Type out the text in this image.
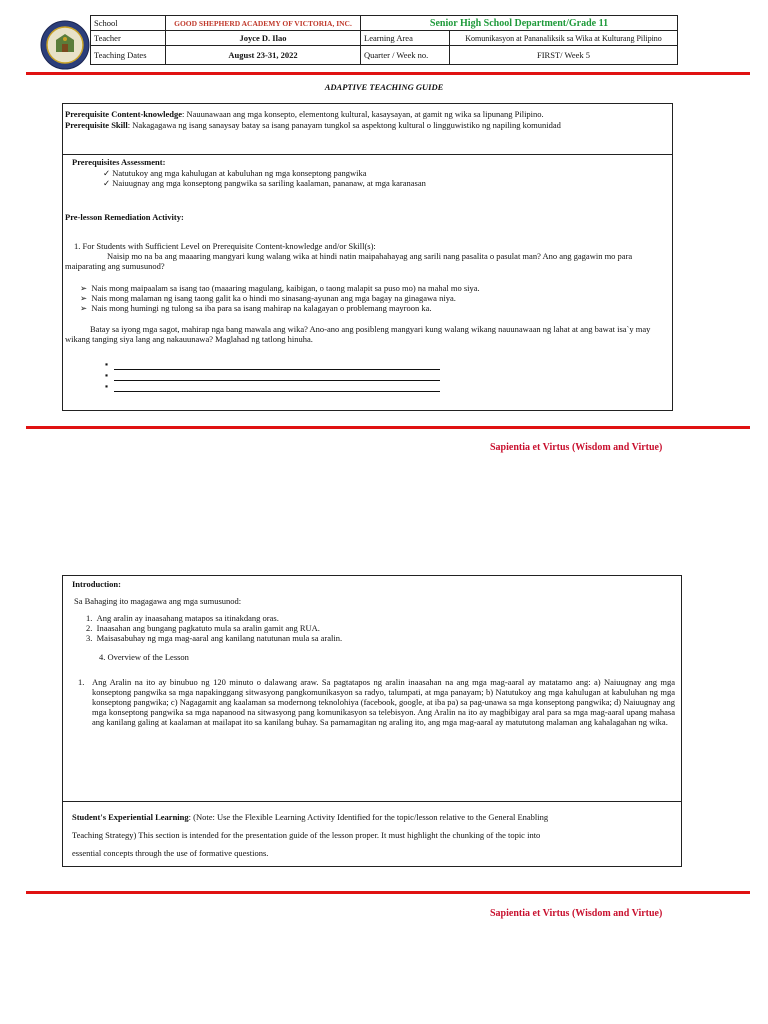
School	GOOD SHEPHERD ACADEMY OF VICTORIA, INC.	Senior High School Department/Grade 11	
Teacher	Joyce D. Ilao	Learning Area	Komunikasyon at Pananaliksik sa Wika at Kulturang Pilipino
Teaching Dates	August 23-31, 2022	Quarter / Week no.	FIRST/ Week 5
ADAPTIVE TEACHING GUIDE
Prerequisite Content-knowledge: Nauunawaan ang mga konsepto, elementong kultural, kasaysayan, at gamit ng wika sa lipunang Pilipino.
Prerequisite Skill: Nakagagawa ng isang sanaysay batay sa isang panayam tungkol sa aspektong kultural o lingguwistiko ng napiling komunidad
Prerequisites Assessment:
✓ Natutukoy ang mga kahulugan at kabuluhan ng mga konseptong pangwika
✓ Naiuugnay ang mga konseptong pangwika sa sariling kaalaman, pananaw, at mga karanasan
Pre-lesson Remediation Activity:
1. For Students with Sufficient Level on Prerequisite Content-knowledge and/or Skill(s):
Naisip mo na ba ang maaaring mangyari kung walang wika at hindi natin maipahahayag ang sarili nang pasalita o pasulat man? Ano ang gagawin mo para maiparating ang sumusunod?
➢ Nais mong maipaalam sa isang tao (maaaring magulang, kaibigan, o taong malapit sa puso mo) na mahal mo siya.
➢ Nais mong malaman ng isang taong galit ka o hindi mo sinasang-ayunan ang mga bagay na ginagawa niya.
➢ Nais mong humingi ng tulong sa iba para sa isang mahirap na kalagayan o problemang mayroon ka.
Batay sa iyong mga sagot, mahirap nga bang mawala ang wika? Ano-ano ang posibleng mangyari kung walang wikang nauunawaan ng lahat at ang bawat isa`y may wikang tanging siya lang ang nakauunawa? Maglahad ng tatlong hinuha.
▪
▪
▪
Sapientia et Virtus (Wisdom and Virtue)
Introduction:
Sa Bahaging ito magagawa ang mga sumusunod:
1. Ang aralin ay inaasahang matapos sa itinakdang oras.
2. Inaasahan ang bungang pagkatuto mula sa aralin gamit ang RUA.
3. Maisasabuhay ng mga mag-aaral ang kanilang natutunan mula sa aralin.
4. Overview of the Lesson
1. Ang Aralin na ito ay binubuo ng 120 minuto o dalawang araw. Sa pagtatapos ng aralin inaasahan na ang mga mag-aaral ay matatamo ang: a) Naiuugnay ang mga konseptong pangwika sa mga napakinggang sitwasyong pangkomunikasyon sa radyo, talumpati, at mga panayam; b) Natutukoy ang mga kahulugan at kabuluhan ng mga konseptong pangwika; c) Nagagamit ang kaalaman sa modernong teknolohiya (facebook, google, at iba pa) sa pag-unawa sa mga konseptong pangwika; d) Naiuugnay ang mga konseptong pangwika sa mga napanood na sitwasyong pang komunikasyon sa telebisyon. Ang Aralin na ito ay magbibigay aral para sa mga mag-aaral upang mahasa ang kanilang galing at kaalaman at mailapat ito sa kanilang buhay. Sa pamamagitan ng araling ito, ang mga mag-aaral ay matututong malaman ang kahalagahan ng wika.
Student's Experiential Learning: (Note: Use the Flexible Learning Activity Identified for the topic/lesson relative to the General Enabling
Teaching Strategy) This section is intended for the presentation guide of the lesson proper. It must highlight the chunking of the topic into
essential concepts through the use of formative questions.
Sapientia et Virtus (Wisdom and Virtue)
